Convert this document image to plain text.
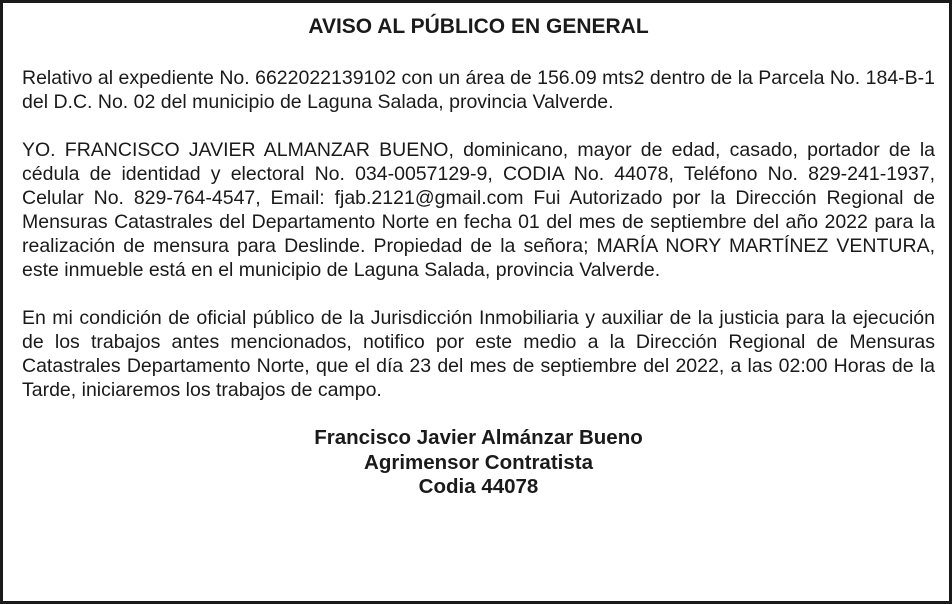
AVISO AL PÚBLICO EN GENERAL

Relativo al expediente No. 6622022139102 con un área de 156.09 mts2 dentro de la Parcela No. 184-B-1 del D.C. No. 02 del municipio de Laguna Salada, provincia Valverde.

YO. FRANCISCO JAVIER ALMANZAR BUENO, dominicano, mayor de edad, casado, portador de la cédula de identidad y electoral No. 034-0057129-9, CODIA No. 44078, Teléfono No. 829-241-1937, Celular No. 829-764-4547, Email: fjab.2121@gmail.com Fui Autorizado por la Dirección Regional de Mensuras Catastrales del Departamento Norte en fecha 01 del mes de septiembre del año 2022 para la realización de mensura para Deslinde. Propiedad de la señora; MARÍA NORY MARTÍNEZ VENTURA, este inmueble está en el municipio de Laguna Salada, provincia Valverde.

En mi condición de oficial público de la Jurisdicción Inmobiliaria y auxiliar de la justicia para la ejecución de los trabajos antes mencionados, notifico por este medio a la Dirección Regional de Mensuras Catastrales Departamento Norte, que el día 23 del mes de septiembre del 2022, a las 02:00 Horas de la Tarde, iniciaremos los trabajos de campo.

Francisco Javier Almánzar Bueno
Agrimensor Contratista
Codia 44078
